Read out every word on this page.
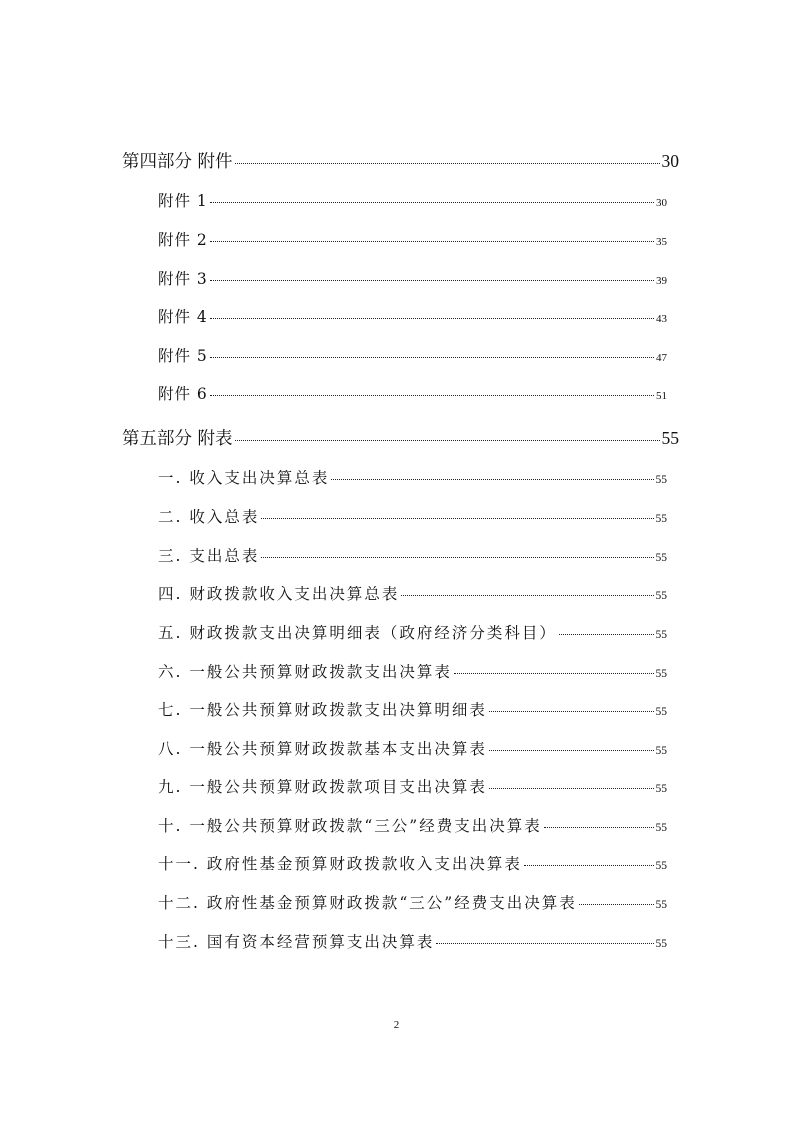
第四部分 附件	30
附件 1	30
附件 2	35
附件 3	39
附件 4	43
附件 5	47
附件 6	51
第五部分 附表	55
一. 收入支出决算总表	55
二. 收入总表	55
三. 支出总表	55
四. 财政拨款收入支出决算总表	55
五. 财政拨款支出决算明细表（政府经济分类科目）	55
六. 一般公共预算财政拨款支出决算表	55
七. 一般公共预算财政拨款支出决算明细表	55
八. 一般公共预算财政拨款基本支出决算表	55
九. 一般公共预算财政拨款项目支出决算表	55
十. 一般公共预算财政拨款“三公”经费支出决算表	55
十一. 政府性基金预算财政拨款收入支出决算表	55
十二. 政府性基金预算财政拨款“三公”经费支出决算表	55
十三. 国有资本经营预算支出决算表	55
2
